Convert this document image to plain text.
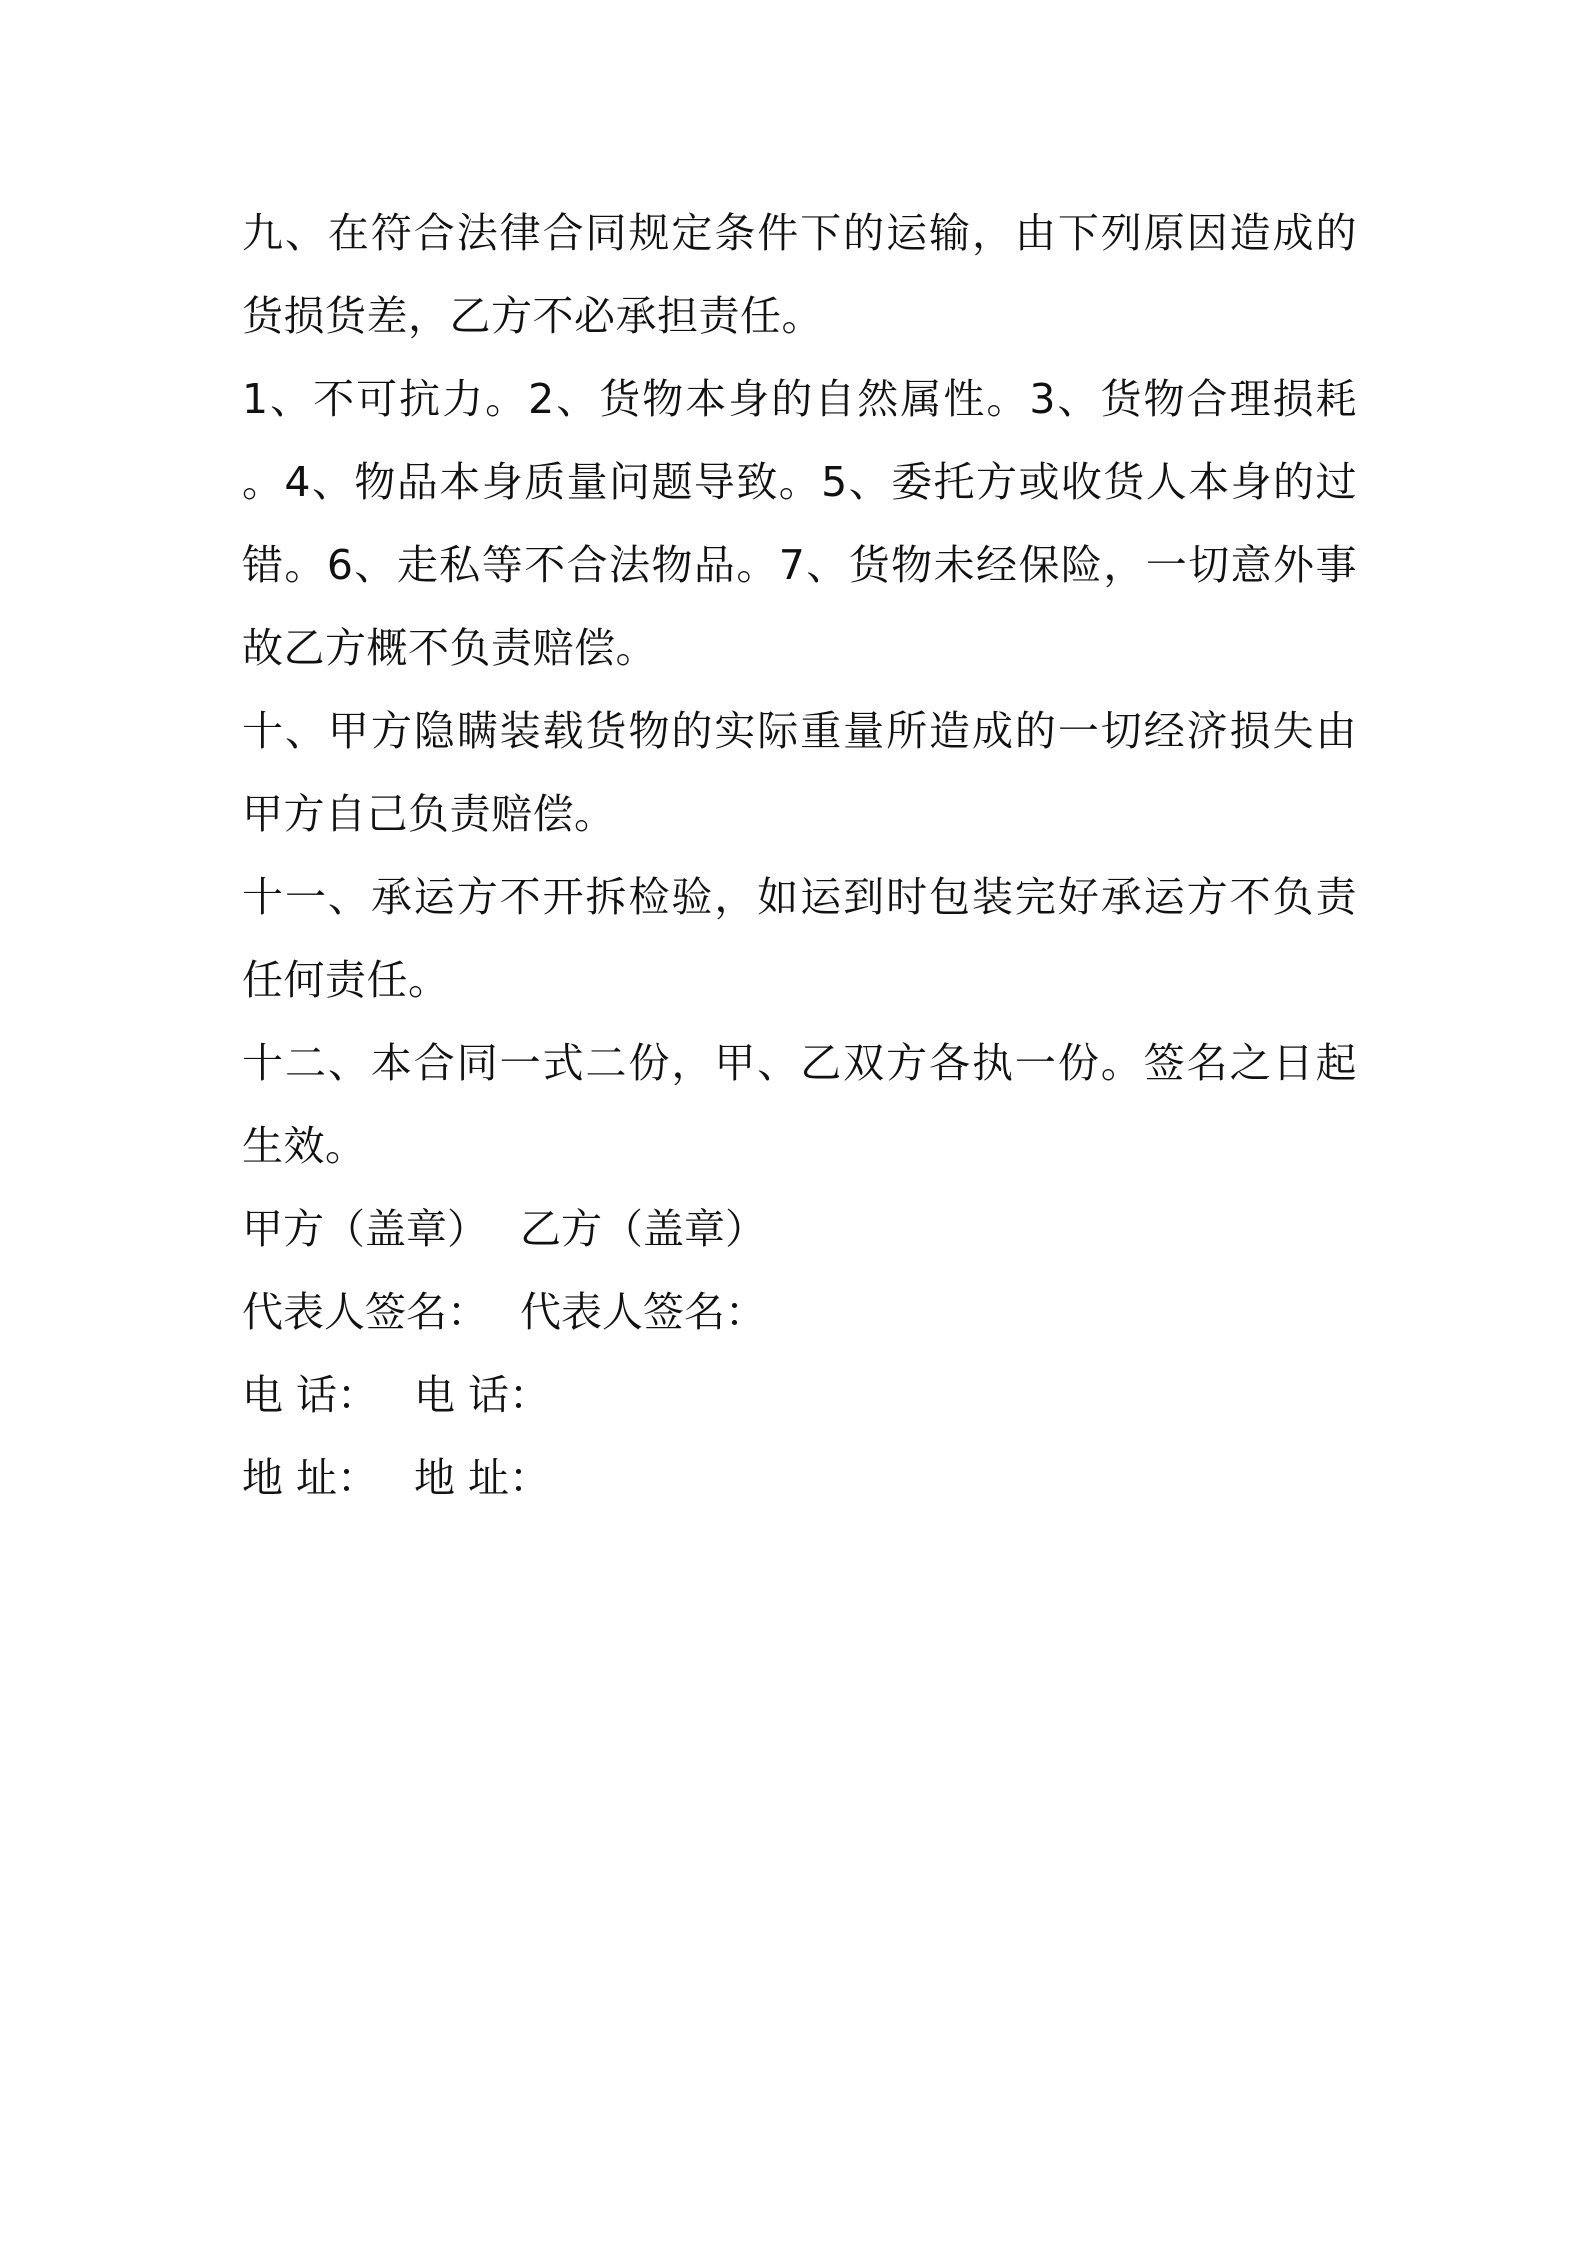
九、在符合法律合同规定条件下的运输，由下列原因造成的
货损货差，乙方不必承担责任。
1、不可抗力。2、货物本身的自然属性。3、货物合理损耗
。4、物品本身质量问题导致。5、委托方或收货人本身的过
错。6、走私等不合法物品。7、货物未经保险，一切意外事
故乙方概不负责赔偿。
十、甲方隐瞒装载货物的实际重量所造成的一切经济损失由
甲方自己负责赔偿。
十一、承运方不开拆检验，如运到时包装完好承运方不负责
任何责任。
十二、本合同一式二份，甲、乙双方各执一份。签名之日起
生效。
甲方（盖章） 乙方（盖章）
代表人签名： 代表人签名：
电 话： 电 话：
地 址： 地 址：
